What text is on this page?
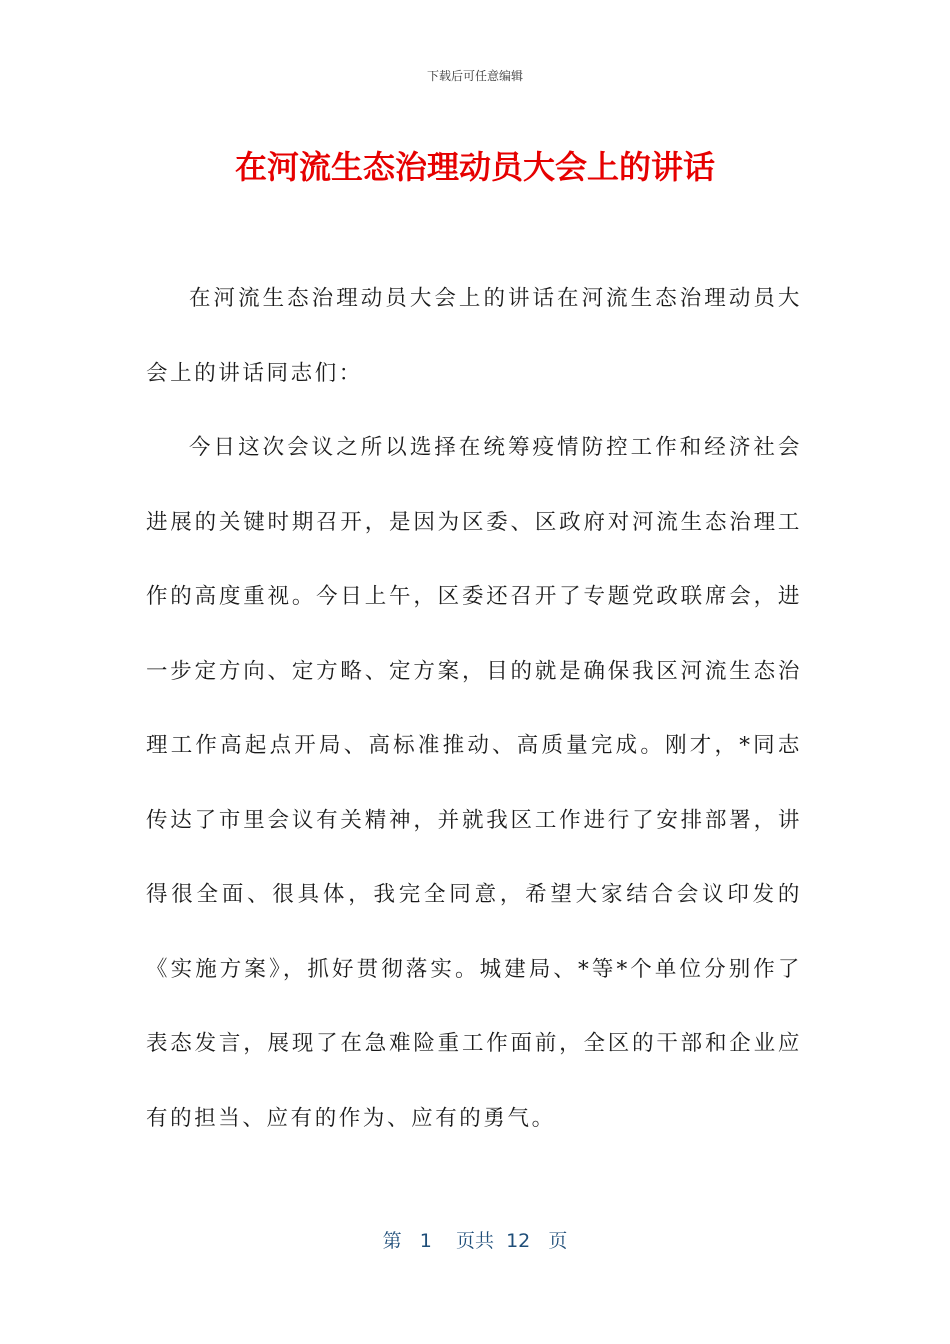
下载后可任意编辑
在河流生态治理动员大会上的讲话

在河流生态治理动员大会上的讲话在河流生态治理动员大会上的讲话同志们：

今日这次会议之所以选择在统筹疫情防控工作和经济社会进展的关键时期召开，是因为区委、区政府对河流生态治理工作的高度重视。今日上午，区委还召开了专题党政联席会，进一步定方向、定方略、定方案，目的就是确保我区河流生态治理工作高起点开局、高标准推动、高质量完成。刚才，*同志传达了市里会议有关精神，并就我区工作进行了安排部署，讲得很全面、很具体，我完全同意，希望大家结合会议印发的《实施方案》，抓好贯彻落实。城建局、*等*个单位分别作了表态发言，展现了在急难险重工作面前，全区的干部和企业应有的担当、应有的作为、应有的勇气。

第 1 页共 12 页
